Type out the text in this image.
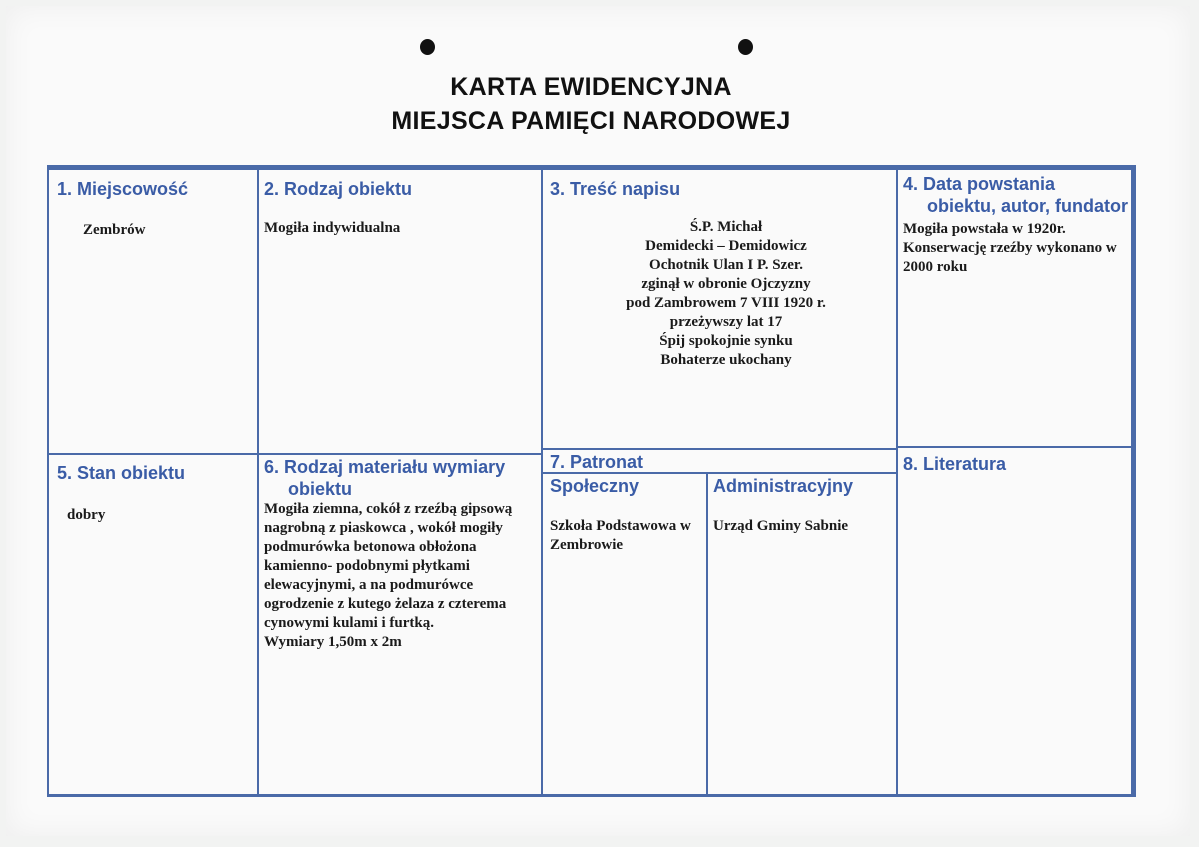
KARTA EWIDENCYJNA
MIEJSCA PAMIĘCI NARODOWEJ
1. Miejscowość
Zembrów
2. Rodzaj obiektu
Mogiła indywidualna
3. Treść napisu
Ś.P. Michał
Demidecki – Demidowicz
Ochotnik Ulan I P. Szer.
zginął w obronie Ojczyzny
pod Zambrowem 7 VIII 1920 r.
przeżywszy lat 17
Śpij spokojnie synku
Bohaterze ukochany
4. Data powstania obiektu, autor, fundator
Mogiła powstała w 1920r.
Konserwację rzeźby wykonano w 2000 roku
5. Stan obiektu
dobry
6. Rodzaj materiału wymiary obiektu
Mogiła ziemna, cokół z rzeźbą gipsową nagrobną z piaskowca , wokół mogiły podmurówka betonowa obłożona kamienno- podobnymi płytkami elewacyjnymi, a na podmurówce ogrodzenie z kutego żelaza z czterema cynowymi kulami i furtką.
Wymiary 1,50m x 2m
7. Patronat
Społeczny
Szkoła Podstawowa w Zembrowie
Administracyjny
Urząd Gminy Sabnie
8. Literatura
